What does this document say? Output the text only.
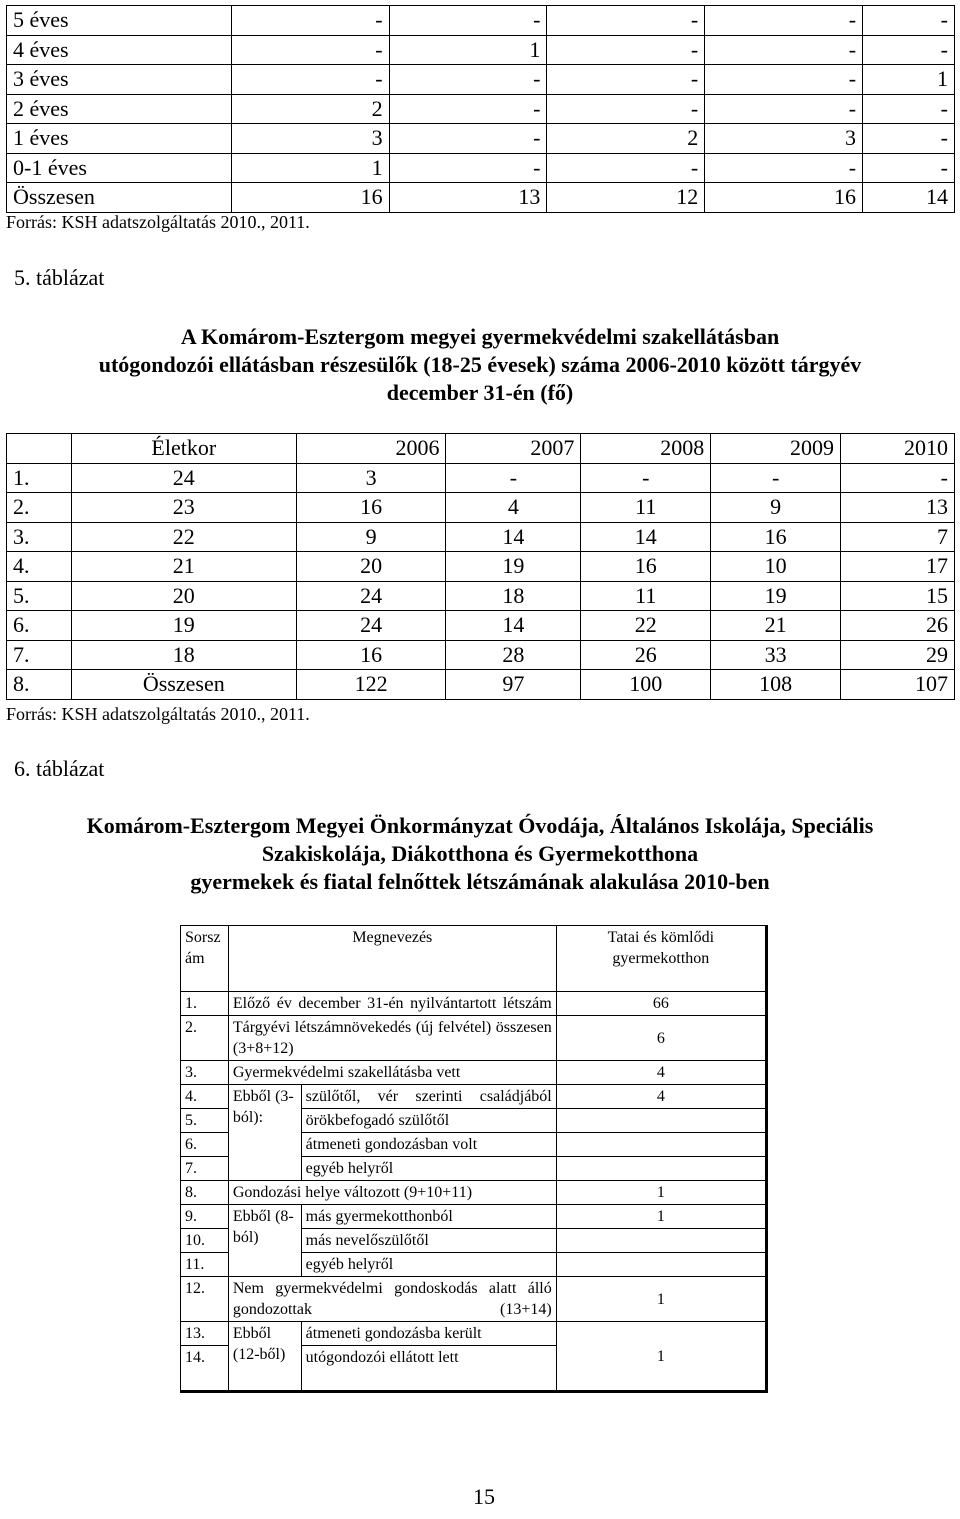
5 éves	-	-	-	-	-
4 éves	-	1	-	-	-
3 éves	-	-	-	-	1
2 éves	2	-	-	-	-
1 éves	3	-	2	3	-
0-1 éves	1	-	-	-	-
Összesen	16	13	12	16	14
Forrás: KSH adatszolgáltatás 2010., 2011.
5. táblázat
A Komárom-Esztergom megyei gyermekvédelmi szakellátásban
utógondozói ellátásban részesülők (18-25 évesek) száma 2006-2010 között tárgyév
december 31-én (fő)
	Életkor	2006	2007	2008	2009	2010
1.	24	3	-	-	-	-
2.	23	16	4	11	9	13
3.	22	9	14	14	16	7
4.	21	20	19	16	10	17
5.	20	24	18	11	19	15
6.	19	24	14	22	21	26
7.	18	16	28	26	33	29
8.	Összesen	122	97	100	108	107
Forrás: KSH adatszolgáltatás 2010., 2011.
6. táblázat
Komárom-Esztergom Megyei Önkormányzat Óvodája, Általános Iskolája, Speciális
Szakiskolája, Diákotthona és Gyermekotthona
gyermekek és fiatal felnőttek létszámának alakulása 2010-ben
Sorszám	Megnevezés		Tatai és kömlődi gyermekotthon
1.	Előző év december 31-én nyilvántartott létszám		66
2.	Tárgyévi létszámnövekedés (új felvétel) összesen (3+8+12)		6
3.	Gyermekvédelmi szakellátásba vett		4
4.	Ebből (3-ból):	szülőtől, vér szerinti családjából	4
5.		örökbefogadó szülőtől	
6.		átmeneti gondozásban volt	
7.		egyéb helyről	
8.	Gondozási helye változott (9+10+11)		1
9.	Ebből (8-ból)	más gyermekotthonból	1
10.		más nevelőszülőtől	
11.		egyéb helyről	
12.	Nem gyermekvédelmi gondoskodás alatt álló gondozottak (13+14)		1
13.	Ebből (12-ből)	átmeneti gondozásba került	1
14.		utógondozói ellátott lett	
15
